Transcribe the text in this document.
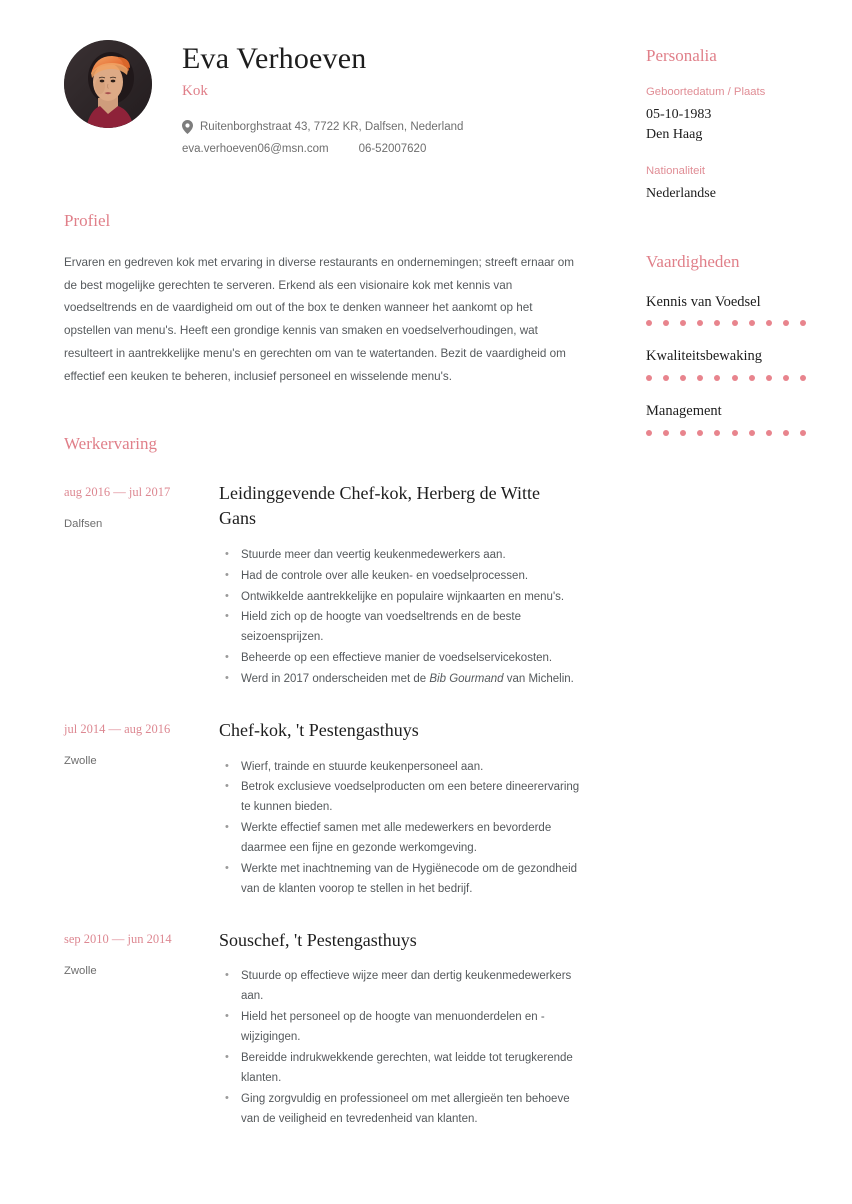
Eva Verhoeven
Kok
Ruitenborghstraat 43, 7722 KR, Dalfsen, Nederland
eva.verhoeven06@msn.com	06-52007620
Profiel
Ervaren en gedreven kok met ervaring in diverse restaurants en ondernemingen; streeft ernaar om de best mogelijke gerechten te serveren. Erkend als een visionaire kok met kennis van voedseltrends en de vaardigheid om out of the box te denken wanneer het aankomt op het opstellen van menu's. Heeft een grondige kennis van smaken en voedselverhoudingen, wat resulteert in aantrekkelijke menu's en gerechten om van te watertanden. Bezit de vaardigheid om effectief een keuken te beheren, inclusief personeel en wisselende menu's.
Werkervaring
aug 2016 — jul 2017
Dalfsen
Leidinggevende Chef-kok, Herberg de Witte Gans
• Stuurde meer dan veertig keukenmedewerkers aan.
• Had de controle over alle keuken- en voedselprocessen.
• Ontwikkelde aantrekkelijke en populaire wijnkaarten en menu's.
• Hield zich op de hoogte van voedseltrends en de beste seizoensprijzen.
• Beheerde op een effectieve manier de voedselservicekosten.
• Werd in 2017 onderscheiden met de Bib Gourmand van Michelin.
jul 2014 — aug 2016
Zwolle
Chef-kok, 't Pestengasthuys
• Wierf, trainde en stuurde keukenpersoneel aan.
• Betrok exclusieve voedselproducten om een betere dineerervaring te kunnen bieden.
• Werkte effectief samen met alle medewerkers en bevorderde daarmee een fijne en gezonde werkomgeving.
• Werkte met inachtneming van de Hygiënecode om de gezondheid van de klanten voorop te stellen in het bedrijf.
sep 2010 — jun 2014
Zwolle
Souschef, 't Pestengasthuys
• Stuurde op effectieve wijze meer dan dertig keukenmedewerkers aan.
• Hield het personeel op de hoogte van menuonderdelen en -wijzigingen.
• Bereidde indrukwekkende gerechten, wat leidde tot terugkerende klanten.
• Ging zorgvuldig en professioneel om met allergieën ten behoeve van de veiligheid en tevredenheid van klanten.
Personalia
Geboortedatum / Plaats
05-10-1983
Den Haag
Nationaliteit
Nederlandse
Vaardigheden
Kennis van Voedsel
Kwaliteitsbewaking
Management
